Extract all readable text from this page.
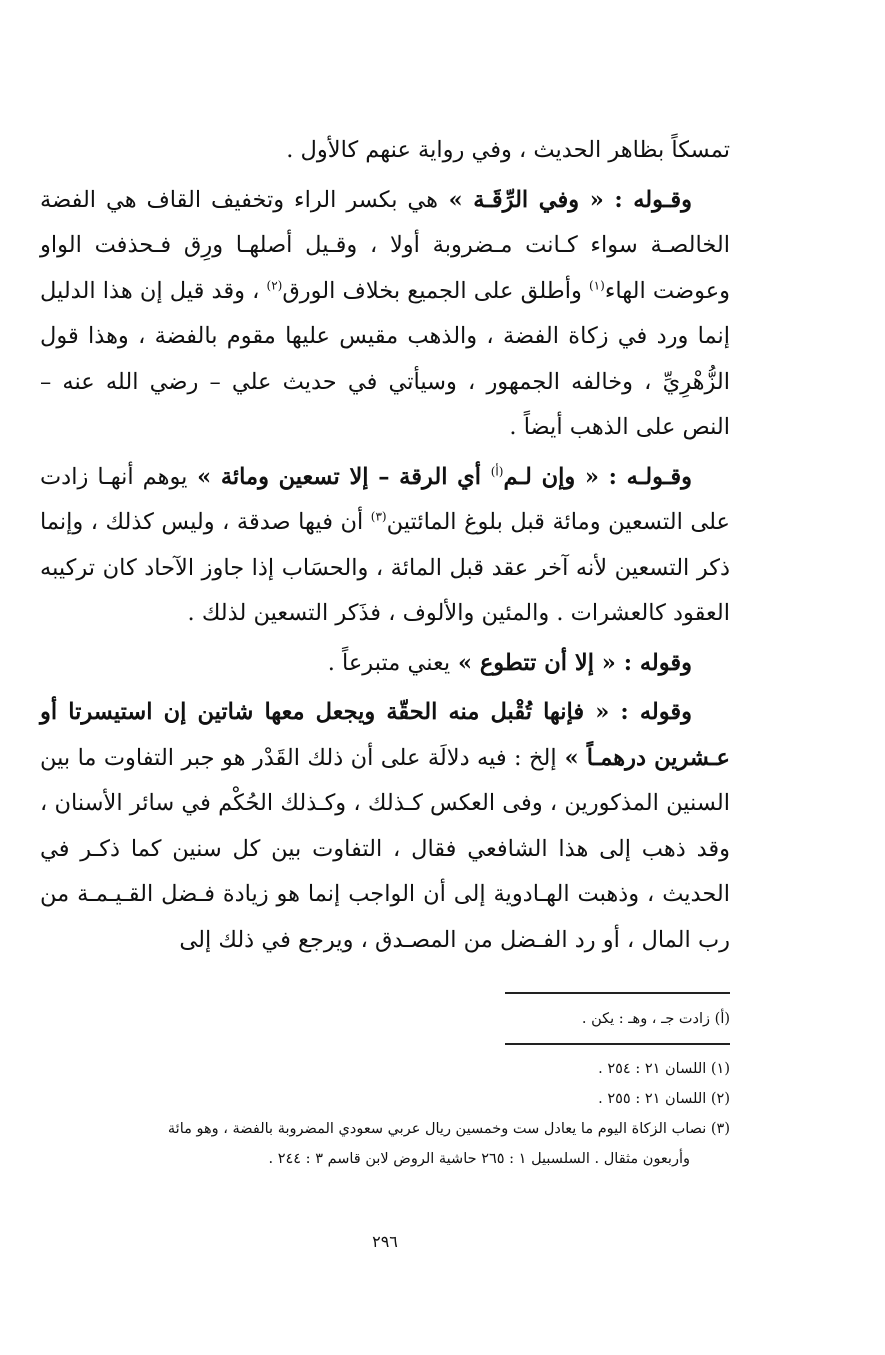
تمسكاً بظاهر الحديث ، وفي رواية عنهم كالأول .

وقـوله : « وفي الرِّقَـة » هي بكسر الراء وتخفيف القاف هي الفضة الخالصـة سواء كـانت مـضروبة أولا ، وقـيل أصلهـا ورِق فـحذفت الواو وعوضت الهاء$^{(١)}$ وأطلق على الجميع بخلاف الورق$^{(٢)}$ ، وقد قيل إن هذا الدليل إنما ورد في زكاة الفضة ، والذهب مقيس عليها مقوم بالفضة ، وهذا قول الزُّهْرِيِّ ، وخالفه الجمهور ، وسيأتي في حديث علي – رضي الله عنه – النص على الذهب أيضاً .

وقـولـه : « وإن لـم$^{(أ)}$ أي الرقة – إلا تسعين ومائة » يوهم أنهـا زادت على التسعين ومائة قبل بلوغ المائتين$^{(٣)}$ أن فيها صدقة ، وليس كذلك ، وإنما ذكر التسعين لأنه آخر عقد قبل المائة ، والحسَاب إذا جاوز الآحاد كان تركيبه العقود كالعشرات . والمئين والألوف ، فذَكر التسعين لذلك .

وقوله : « إلا أن تتطوع » يعني متبرعاً .

وقوله : « فإنها تُقْبل منه الحقّة ويجعل معها شاتين إن استيسرتا أو عـشرين درهمـاً » إلخ : فيه دلالَة على أن ذلك القَدْر هو جبر التفاوت ما بين السنين المذكورين ، وفى العكس كـذلك ، وكـذلك الحُكْم في سائر الأسنان ، وقد ذهب إلى هذا الشافعي فقال ، التفاوت بين كل سنين كما ذكـر في الحديث ، وذهبت الهـادوية إلى أن الواجب إنما هو زيادة فـضل القـيـمـة من رب المال ، أو رد الفـضل من المصـدق ، ويرجع في ذلك إلى

(أ) زادت جـ ، وهـ : يكن .
(١) اللسان ٢١ : ٢٥٤ .
(٢) اللسان ٢١ : ٢٥٥ .
(٣) نصاب الزكاة اليوم ما يعادل ست وخمسين ريال عربي سعودي المضروبة بالفضة ، وهو مائة
وأربعون مثقال . السلسبيل ١ : ٢٦٥ حاشية الروض لابن قاسم ٣ : ٢٤٤ .
٢٩٦
